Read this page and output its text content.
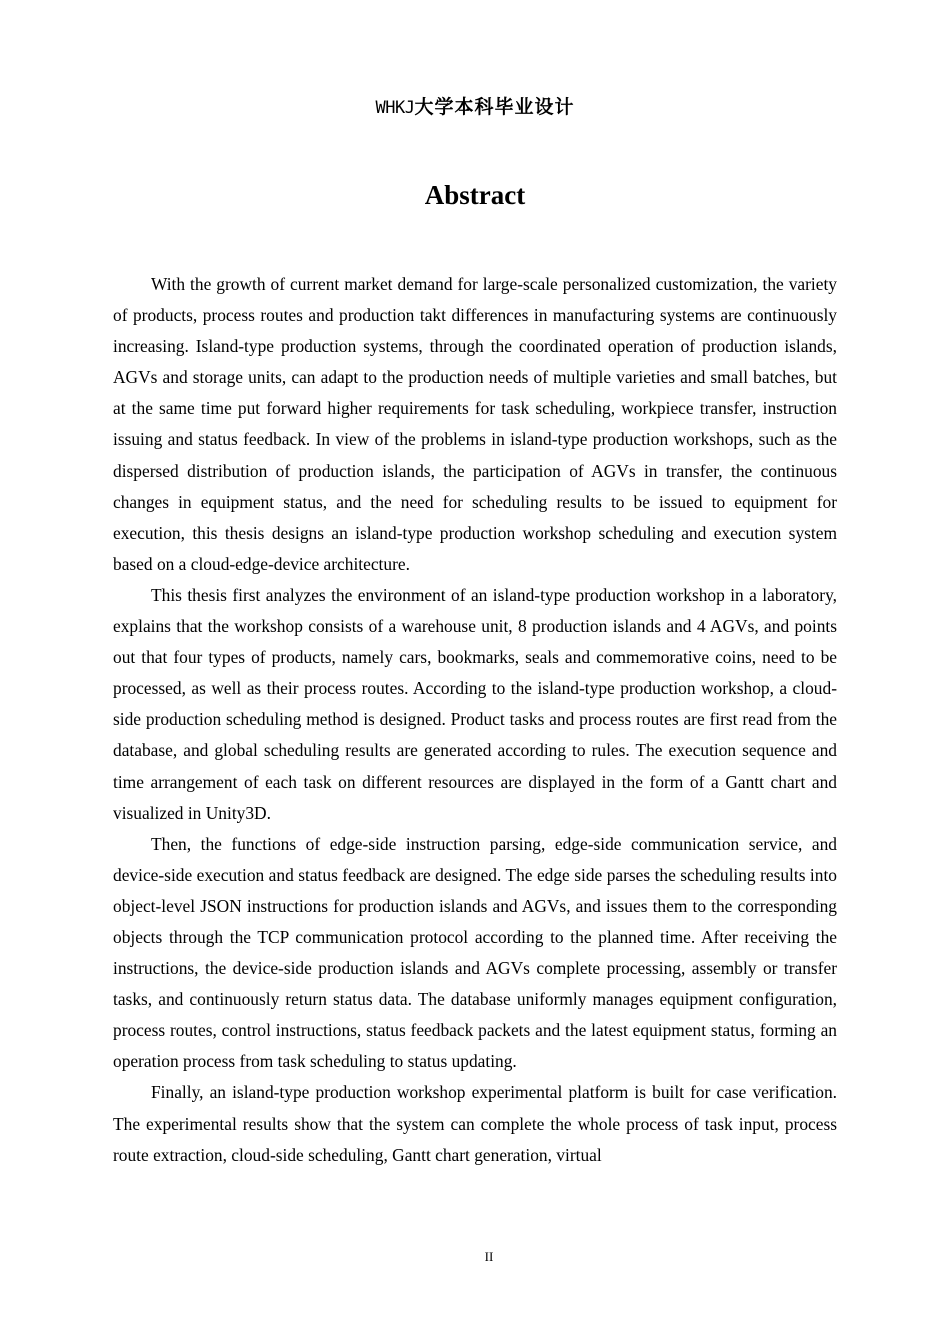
WHKJ大学本科毕业设计
Abstract

With the growth of current market demand for large-scale personalized customization, the variety of products, process routes and production takt differences in manufacturing systems are continuously increasing. Island-type production systems, through the coordinated operation of production islands, AGVs and storage units, can adapt to the production needs of multiple varieties and small batches, but at the same time put forward higher requirements for task scheduling, workpiece transfer, instruction issuing and status feedback. In view of the problems in island-type production workshops, such as the dispersed distribution of production islands, the participation of AGVs in transfer, the continuous changes in equipment status, and the need for scheduling results to be issued to equipment for execution, this thesis designs an island-type production workshop scheduling and execution system based on a cloud-edge-device architecture.

This thesis first analyzes the environment of an island-type production workshop in a laboratory, explains that the workshop consists of a warehouse unit, 8 production islands and 4 AGVs, and points out that four types of products, namely cars, bookmarks, seals and commemorative coins, need to be processed, as well as their process routes. According to the island-type production workshop, a cloud-side production scheduling method is designed. Product tasks and process routes are first read from the database, and global scheduling results are generated according to rules. The execution sequence and time arrangement of each task on different resources are displayed in the form of a Gantt chart and visualized in Unity3D.

Then, the functions of edge-side instruction parsing, edge-side communication service, and device-side execution and status feedback are designed. The edge side parses the scheduling results into object-level JSON instructions for production islands and AGVs, and issues them to the corresponding objects through the TCP communication protocol according to the planned time. After receiving the instructions, the device-side production islands and AGVs complete processing, assembly or transfer tasks, and continuously return status data. The database uniformly manages equipment configuration, process routes, control instructions, status feedback packets and the latest equipment status, forming an operation process from task scheduling to status updating.

Finally, an island-type production workshop experimental platform is built for case verification. The experimental results show that the system can complete the whole process of task input, process route extraction, cloud-side scheduling, Gantt chart generation, virtual

II
